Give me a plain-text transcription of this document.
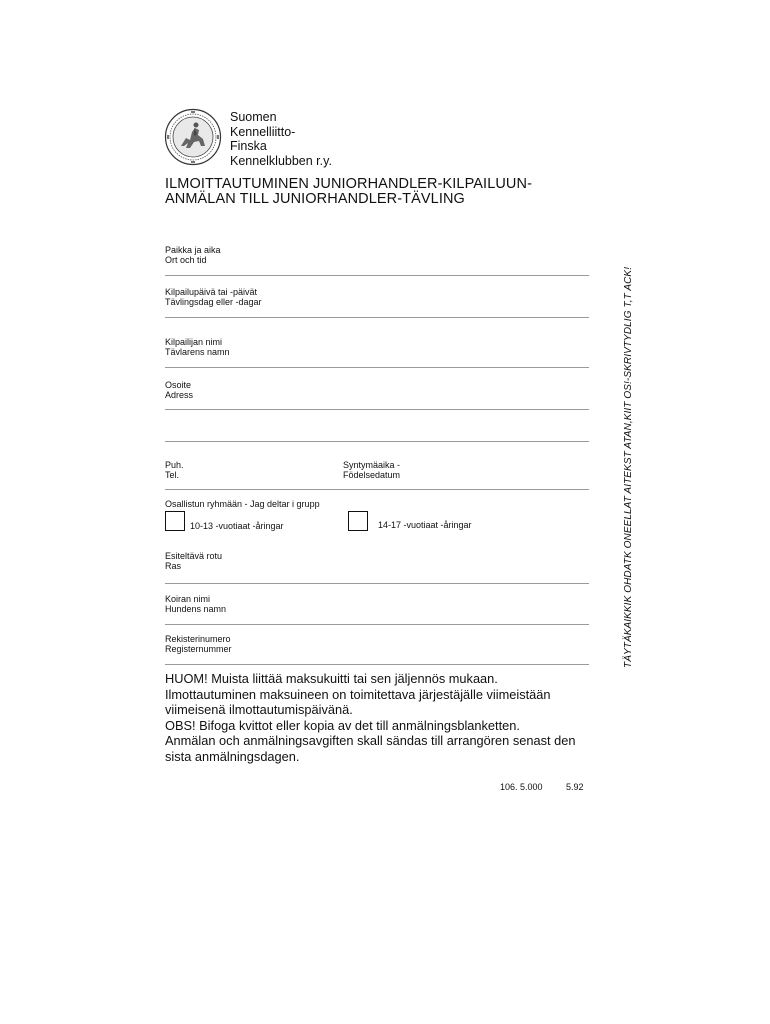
Suomen
Kennelliitto-
Finska
Kennelklubben r.y.
ILMOITTAUTUMINEN JUNIORHANDLER-KILPAILUUN-
ANMÄLAN TILL JUNIORHANDLER-TÄVLING
Paikka ja aika
Ort och tid
Kilpailupäivä tai -päivät
Tävlingsdag eller -dagar
Kilpailijan nimi
Tävlarens namn
Osoite
Adress
Puh.
Tel.
Syntymäaika -
Födelsedatum
Osallistun ryhmään - Jag deltar i grupp
10-13 -vuotiaat -åringar	14-17 -vuotiaat -åringar
Esiteltävä rotu
Ras
Koiran nimi
Hundens namn
Rekisterinumero
Registernummer
HUOM! Muista liittää maksukuitti tai sen jäljennös mukaan.
Ilmottautuminen maksuineen on toimitettava järjestäjälle viimeistään
viimeisenä ilmottautumispäivänä.
OBS! Bifoga kvittot eller kopia av det till anmälningsblanketten.
Anmälan och anmälningsavgiften skall sändas till arrangören senast den
sista anmälningsdagen.
106. 5.000	5.92
TÄYTÄKAIKKIK OHDATK ONEELLAT AITEKST ATAN,KIIT OS!-SKRIVTYDLIG T,T ACK!
